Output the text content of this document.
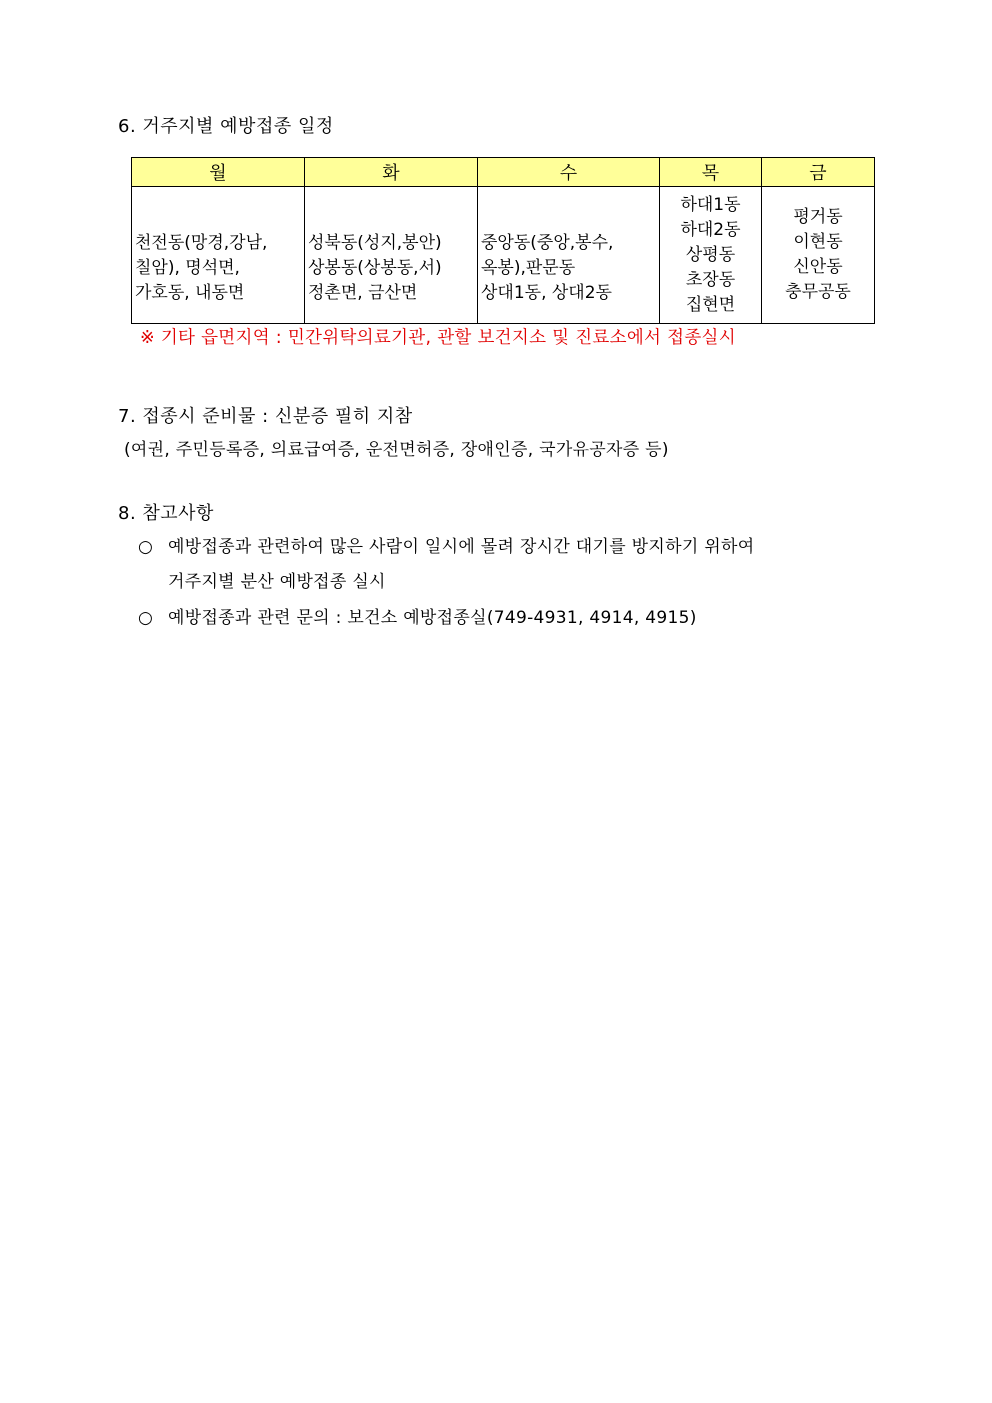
6. 거주지별 예방접종 일정
월	화	수	목	금

천전동(망경,강남,
칠암), 명석면,
가호동, 내동면	성북동(성지,봉안)
상봉동(상봉동,서)
정촌면, 금산면	중앙동(중앙,봉수,
옥봉),판문동
상대1동, 상대2동	하대1동
하대2동
상평동
초장동
집현면	평거동
이현동
신안동
충무공동
※ 기타 읍면지역 : 민간위탁의료기관, 관할 보건지소 및 진료소에서 접종실시
7. 접종시 준비물 : 신분증 필히 지참
(여권, 주민등록증, 의료급여증, 운전면허증, 장애인증, 국가유공자증 등)
8. 참고사항
○ 예방접종과 관련하여 많은 사람이 일시에 몰려 장시간 대기를 방지하기 위하여
거주지별 분산 예방접종 실시
○ 예방접종과 관련 문의 : 보건소 예방접종실(749-4931, 4914, 4915)
